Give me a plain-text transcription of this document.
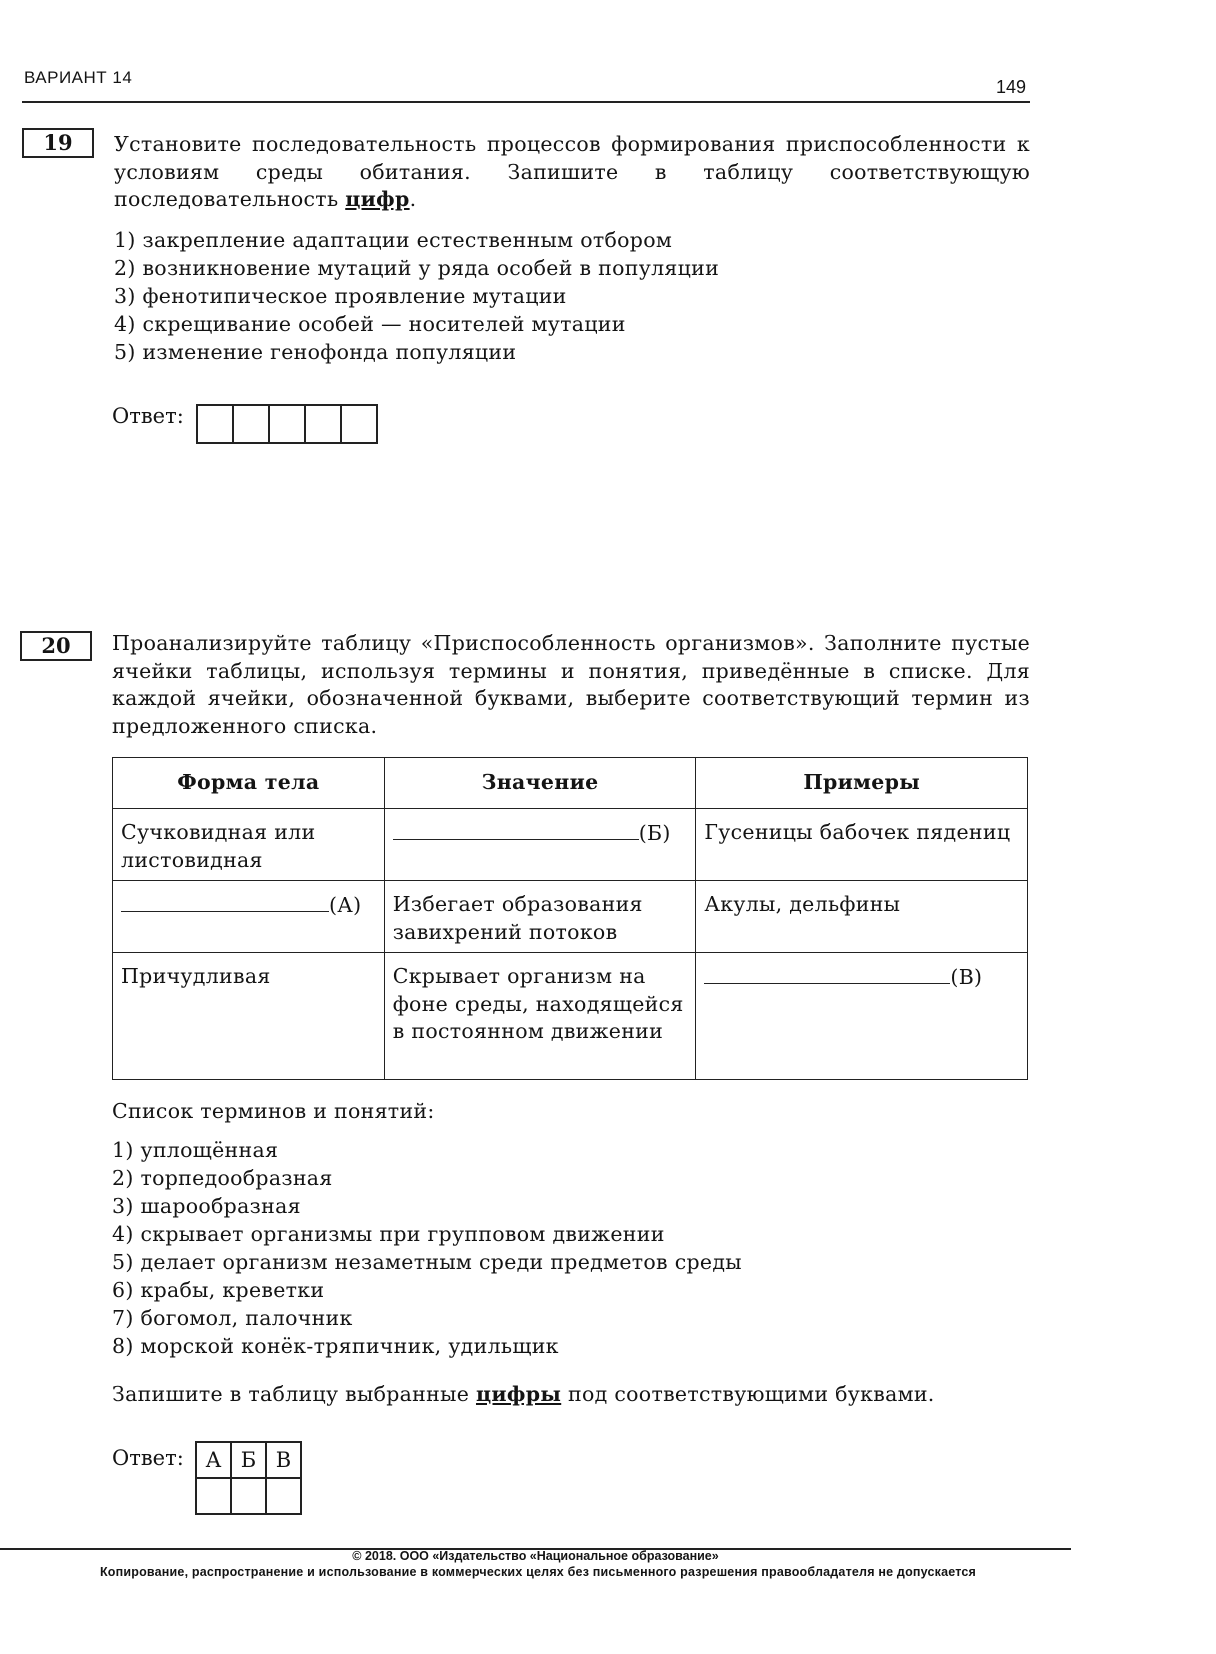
ВАРИАНТ 14	149
19	Установите последовательность процессов формирования приспособленности к условиям среды обитания. Запишите в таблицу соответствующую последовательность цифр.
1) закрепление адаптации естественным отбором
2) возникновение мутаций у ряда особей в популяции
3) фенотипическое проявление мутации
4) скрещивание особей — носителей мутации
5) изменение генофонда популяции
Ответ:
20	Проанализируйте таблицу «Приспособленность организмов». Заполните пустые ячейки таблицы, используя термины и понятия, приведённые в списке. Для каждой ячейки, обозначенной буквами, выберите соответствующий термин из предложенного списка.
Форма тела	Значение	Примеры
Сучковидная или листовидная	(Б)	Гусеницы бабочек пядениц
(А)	Избегает образования завихрений потоков	Акулы, дельфины
Причудливая	Скрывает организм на фоне среды, находящейся в постоянном движении	(В)
Список терминов и понятий:
1) уплощённая
2) торпедообразная
3) шарообразная
4) скрывает организмы при групповом движении
5) делает организм незаметным среди предметов среды
6) крабы, креветки
7) богомол, палочник
8) морской конёк-тряпичник, удильщик
Запишите в таблицу выбранные цифры под соответствующими буквами.
Ответ: А	Б	В

© 2018. ООО «Издательство «Национальное образование»
Копирование, распространение и использование в коммерческих целях без письменного разрешения правообладателя не допускается
